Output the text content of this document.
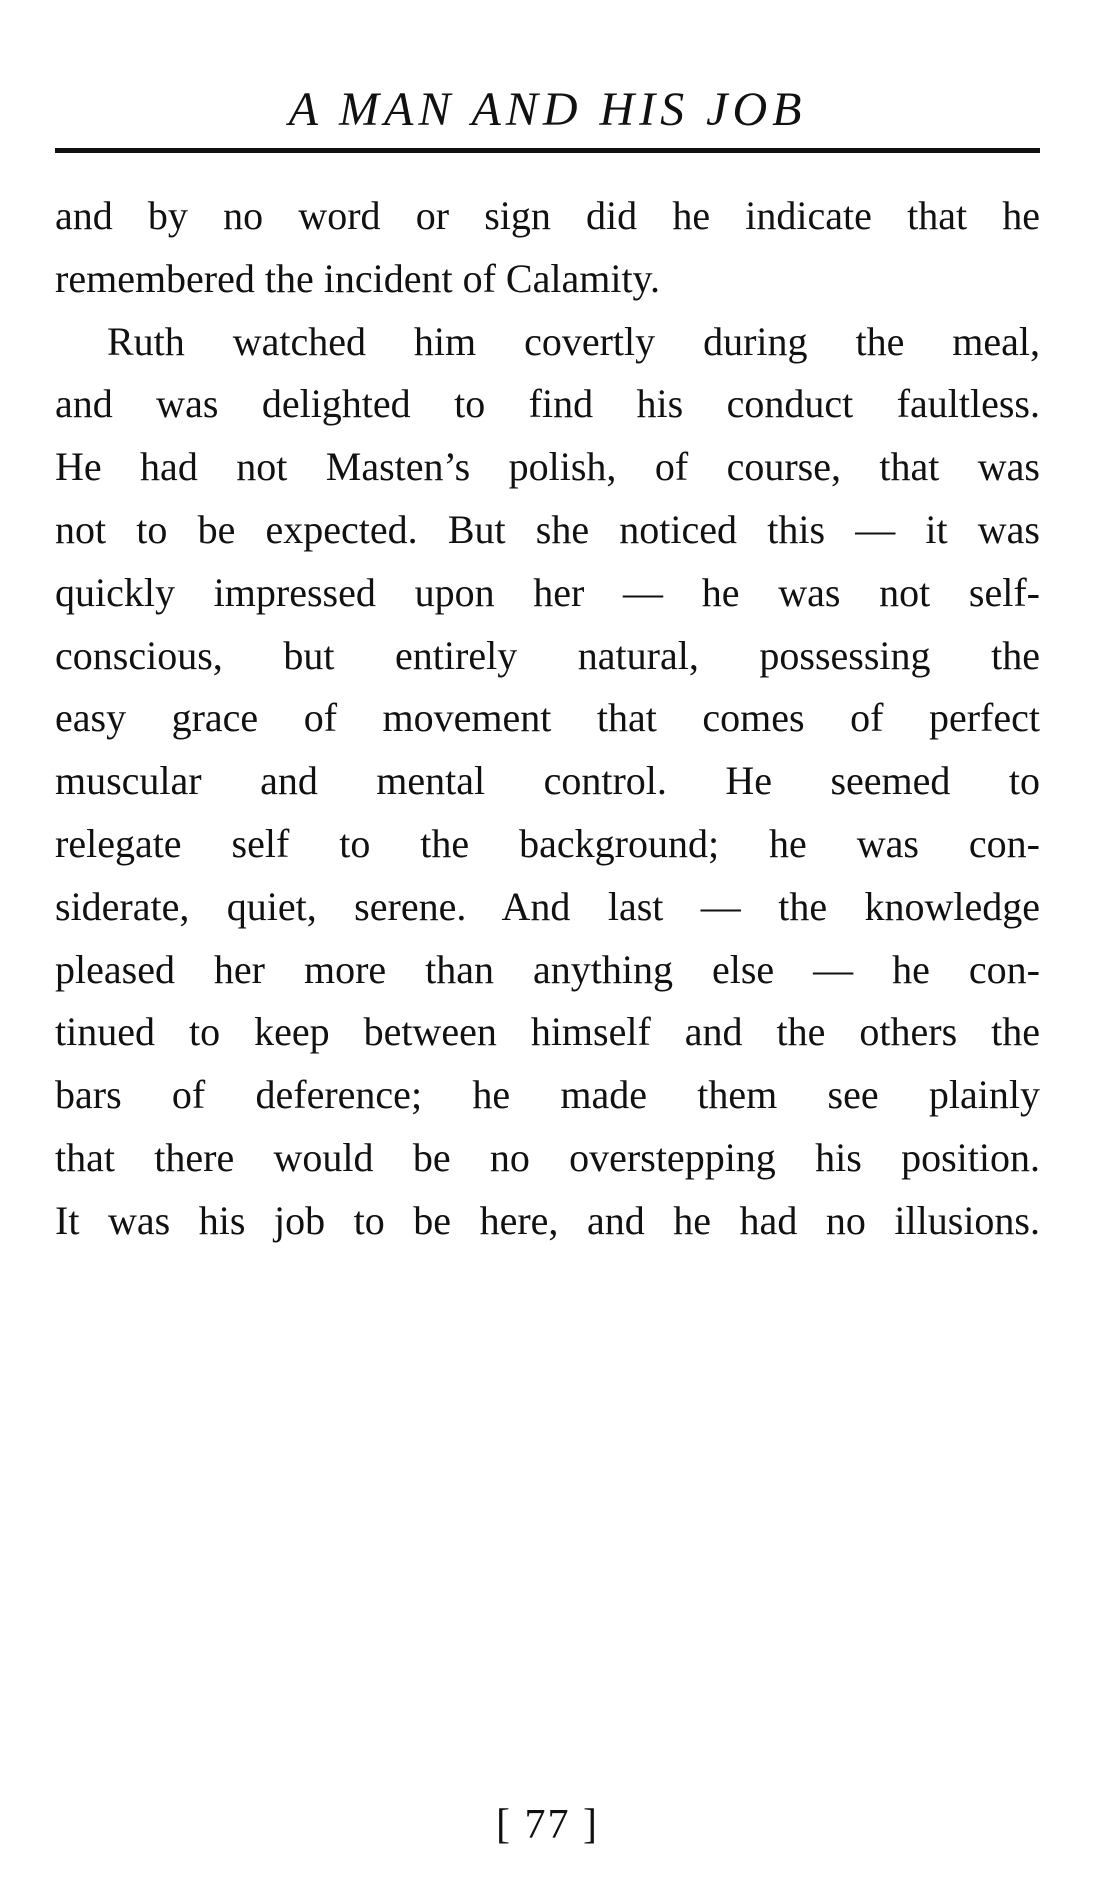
A MAN AND HIS JOB
and by no word or sign did he indicate that he
remembered the incident of Calamity.
Ruth watched him covertly during the meal,
and was delighted to find his conduct faultless.
He had not Masten’s polish, of course, that was
not to be expected. But she noticed this — it was
quickly impressed upon her — he was not self-
conscious, but entirely natural, possessing the
easy grace of movement that comes of perfect
muscular and mental control. He seemed to
relegate self to the background; he was con-
siderate, quiet, serene. And last — the knowledge
pleased her more than anything else — he con-
tinued to keep between himself and the others the
bars of deference; he made them see plainly
that there would be no overstepping his position.
It was his job to be here, and he had no illusions.
[ 77 ]
